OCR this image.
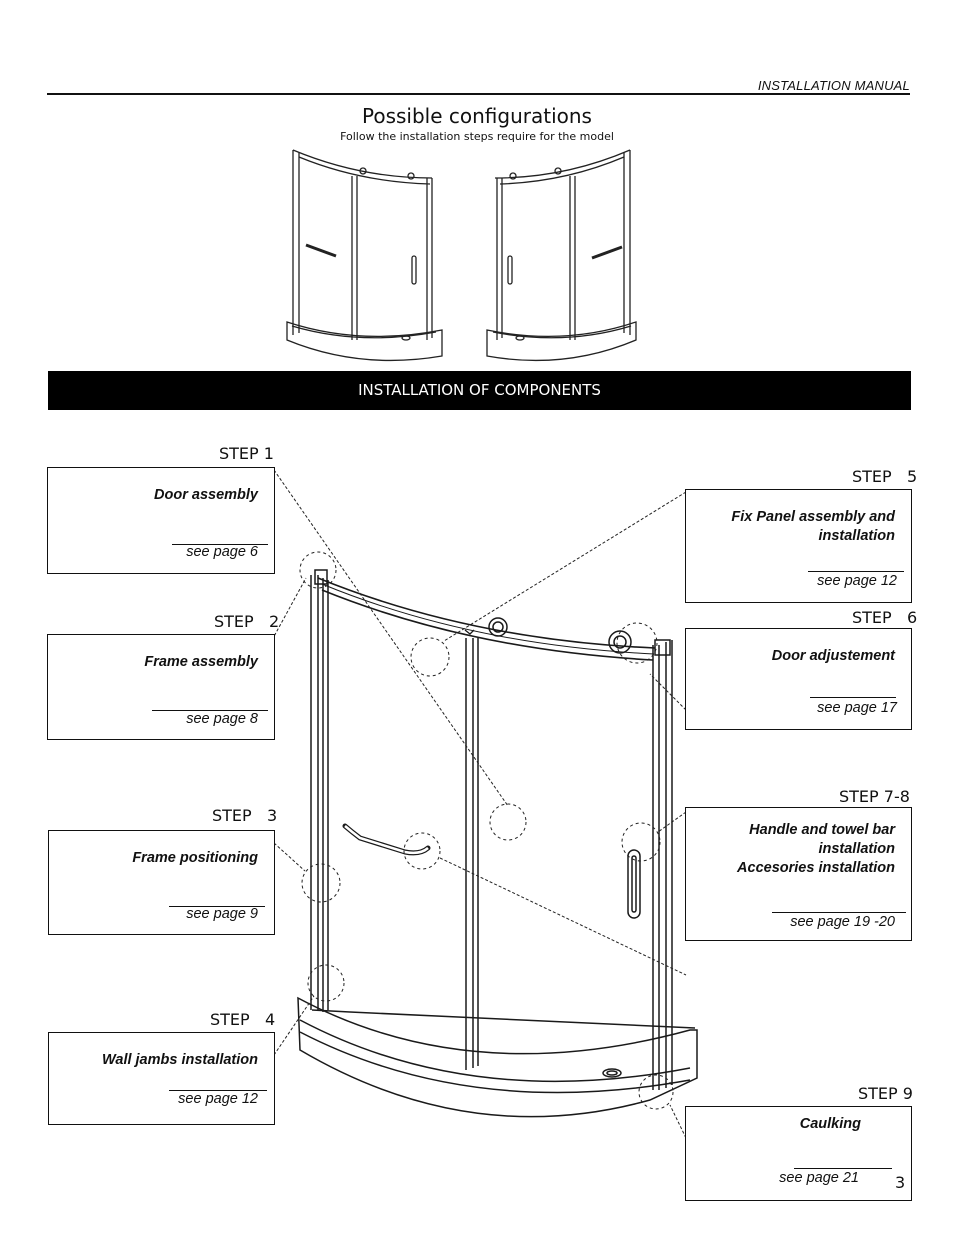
INSTALLATION MANUAL
Possible configurations
Follow the installation steps require for the model
INSTALLATION OF COMPONENTS
STEP 1
Door assembly
see page 6
STEP   2
Frame assembly
see page 8
STEP   3
Frame positioning
see page 9
STEP   4
Wall jambs installation
see page 12
STEP   5
Fix Panel assembly and
installation
see page 12
STEP   6
Door adjustement
see page 17
STEP 7-8
Handle and towel bar
installation
Accesories installation
see page 19 -20
STEP 9
Caulking
see page 21 3
